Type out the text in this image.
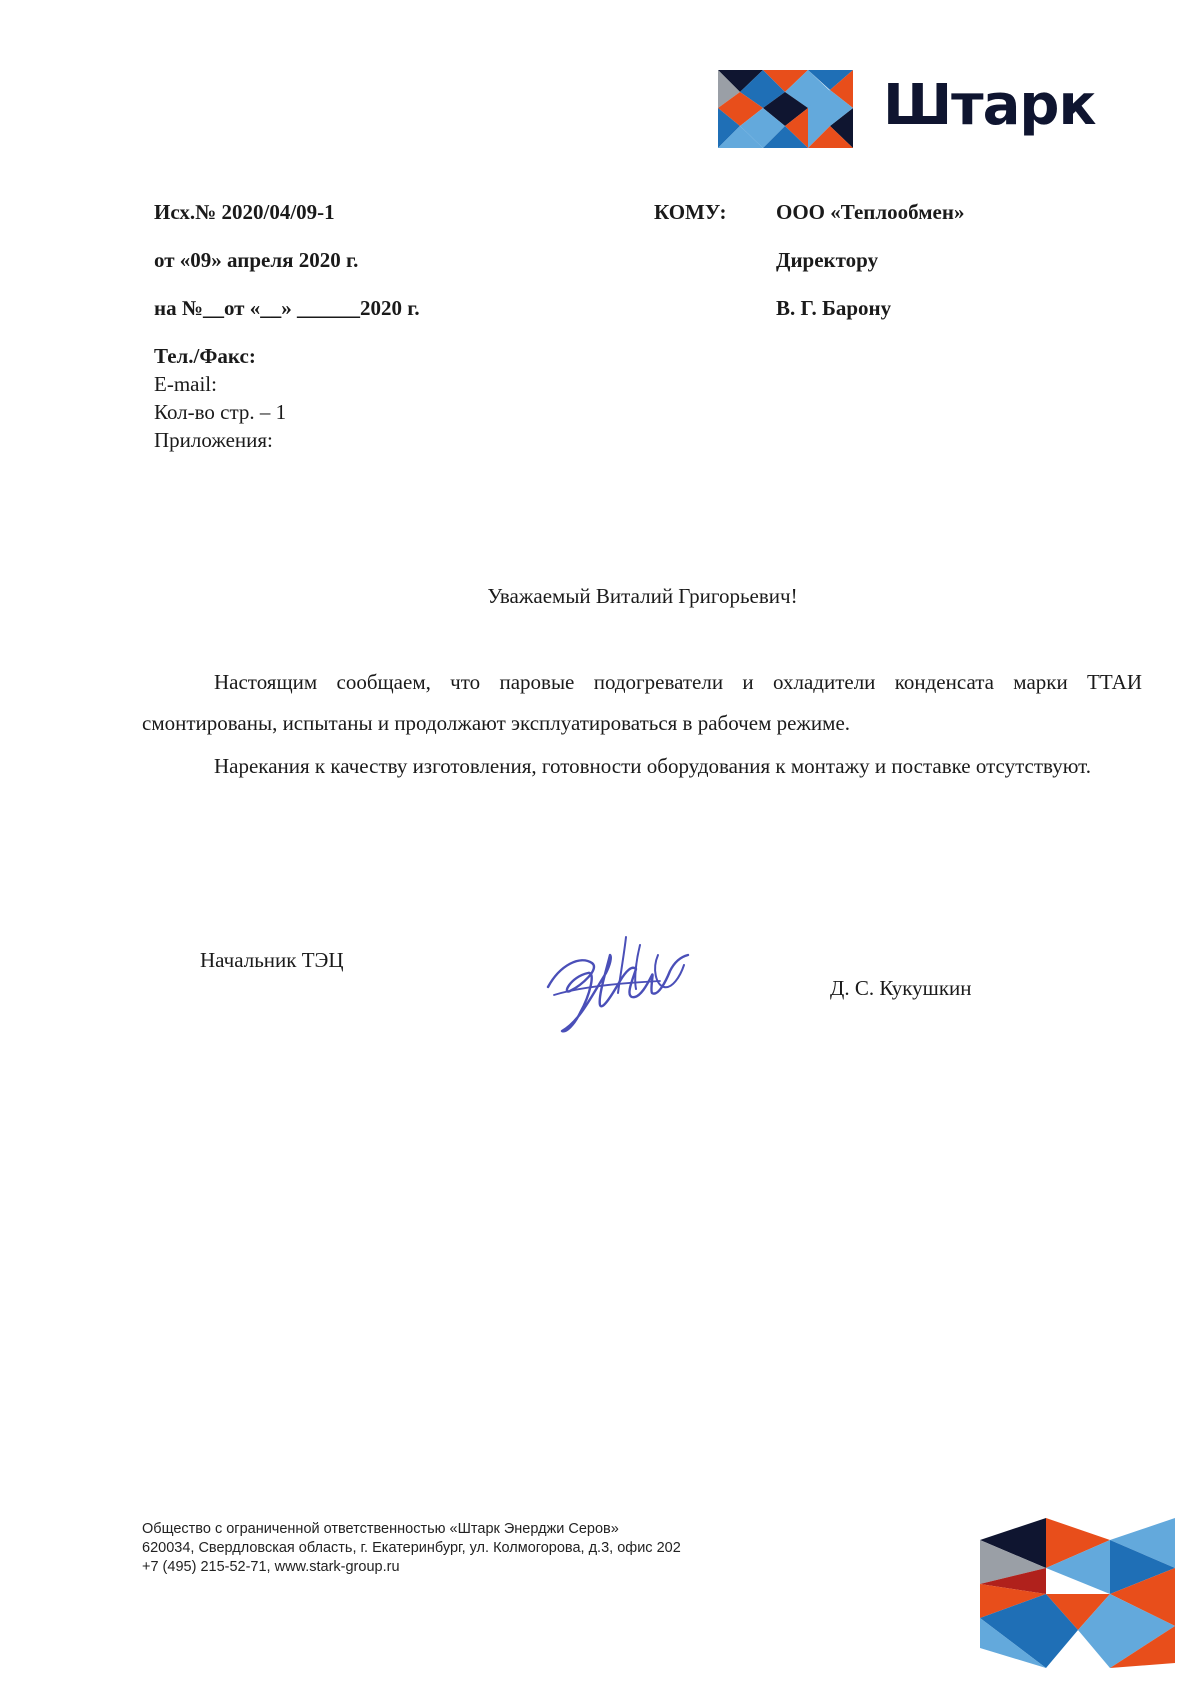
Штарк
Исх.№ 2020/04/09-1
от «09» апреля 2020 г.
на №__от «__» ______2020 г.
Тел./Факс:
E-mail:
Кол-во стр. – 1
Приложения:
КОМУ: ООО «Теплообмен»
Директору
В. Г. Барону
Уважаемый Виталий Григорьевич!

Настоящим сообщаем, что паровые подогреватели и охладители конденсата марки ТТАИ смонтированы, испытаны и продолжают эксплуатироваться в рабочем режиме.

Нарекания к качеству изготовления, готовности оборудования к монтажу и поставке отсутствуют.

Начальник ТЭЦ
Д. С. Кукушкин
Общество с ограниченной ответственностью «Штарк Энерджи Серов»
620034, Свердловская область, г. Екатеринбург, ул. Колмогорова, д.3, офис 202
+7 (495) 215-52-71, www.stark-group.ru
